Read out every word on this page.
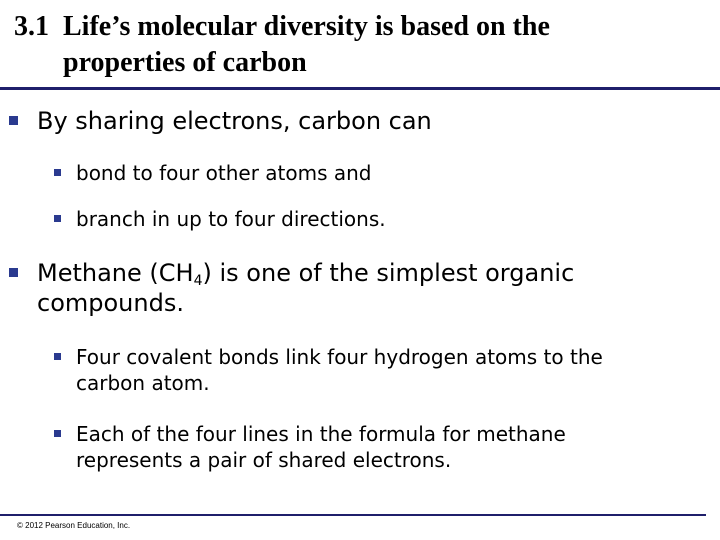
3.1 Life’s molecular diversity is based on the
properties of carbon
By sharing electrons, carbon can
bond to four other atoms and
branch in up to four directions.
Methane $(CH_4)$ is one of the simplest organic
compounds.
Four covalent bonds link four hydrogen atoms to the
carbon atom.
Each of the four lines in the formula for methane
represents a pair of shared electrons.
© 2012 Pearson Education, Inc.
